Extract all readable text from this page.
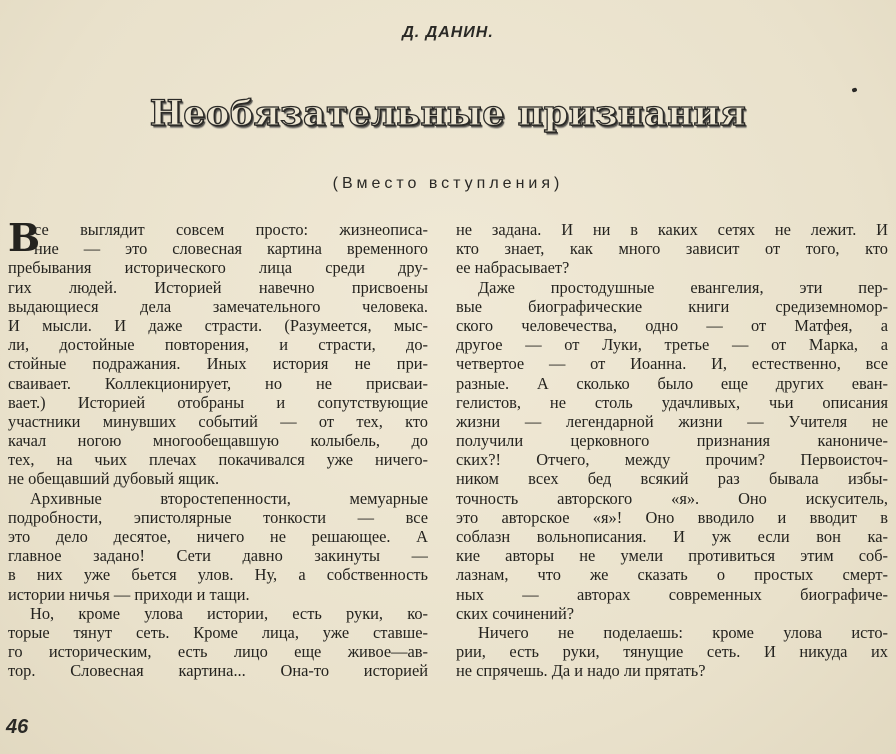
Д. ДАНИН.
Необязательные признания
(Вместо вступления)
В
се выглядит совсем просто: жизнеописа-
ние — это словесная картина временного
пребывания исторического лица среди дру-
гих людей. Историей навечно присвоены
выдающиеся дела замечательного человека.
И мысли. И даже страсти. (Разумеется, мыс-
ли, достойные повторения, и страсти, до-
стойные подражания. Иных история не при-
сваивает. Коллекционирует, но не присваи-
вает.) Историей отобраны и сопутствующие
участники минувших событий — от тех, кто
качал ногою многообещавшую колыбель, до
тех, на чьих плечах покачивался уже ничего-
не обещавший дубовый ящик.
Архивные второстепенности, мемуарные
подробности, эпистолярные тонкости — все
это дело десятое, ничего не решающее. А
главное задано! Сети давно закинуты —
в них уже бьется улов. Ну, а собственность
истории ничья — приходи и тащи.
Но, кроме улова истории, есть руки, ко-
торые тянут сеть. Кроме лица, уже ставше-
го историческим, есть лицо еще живое—ав-
тор. Словесная картина... Она-то историей
не задана. И ни в каких сетях не лежит. И
кто знает, как много зависит от того, кто
ее набрасывает?
Даже простодушные евангелия, эти пер-
вые биографические книги средиземномор-
ского человечества, одно — от Матфея, а
другое — от Луки, третье — от Марка, а
четвертое — от Иоанна. И, естественно, все
разные. А сколько было еще других еван-
гелистов, не столь удачливых, чьи описания
жизни — легендарной жизни — Учителя не
получили церковного признания канониче-
ских?! Отчего, между прочим? Первоисточ-
ником всех бед всякий раз бывала избы-
точность авторского «я». Оно искуситель,
это авторское «я»! Оно вводило и вводит в
соблазн вольнописания. И уж если вон ка-
кие авторы не умели противиться этим соб-
лазнам, что же сказать о простых смерт-
ных — авторах современных биографиче-
ских сочинений?
Ничего не поделаешь: кроме улова исто-
рии, есть руки, тянущие сеть. И никуда их
не спрячешь. Да и надо ли прятать?
46
